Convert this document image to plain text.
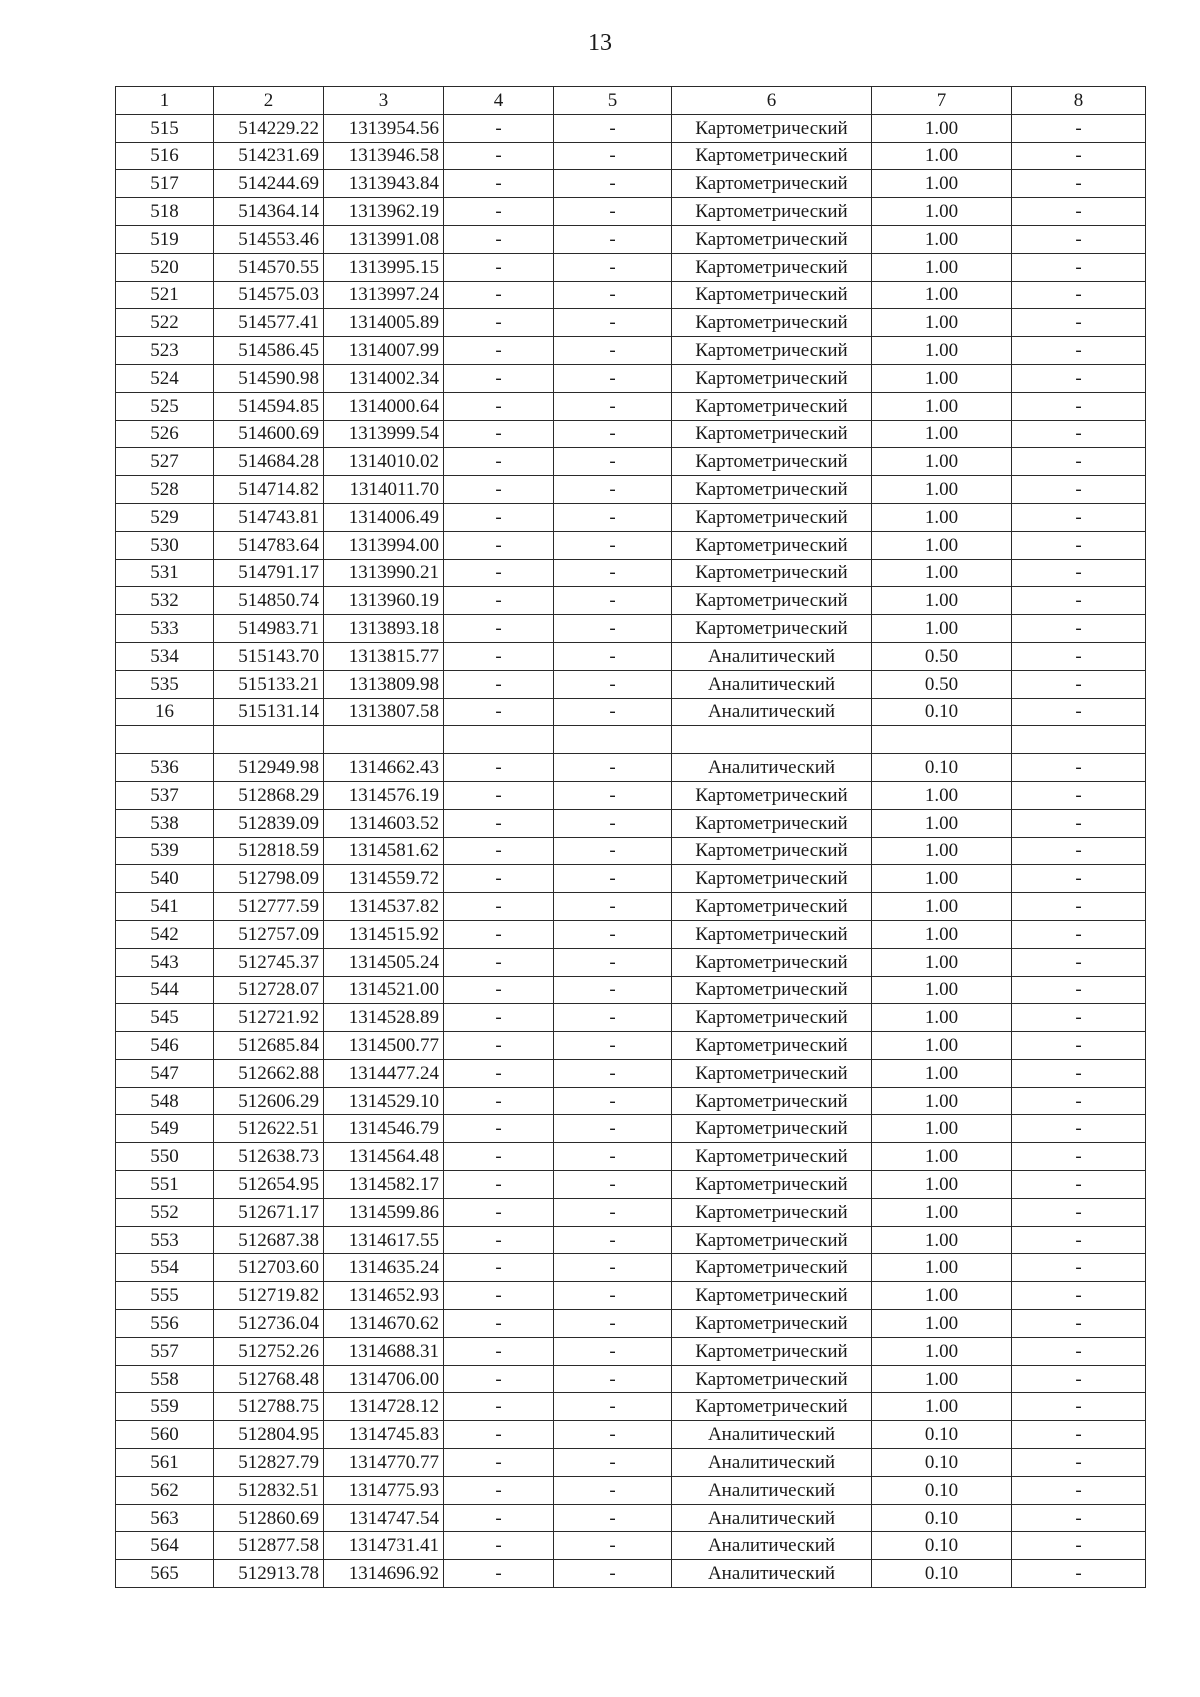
13
1	2	3	4	5	6	7	8
515	514229.22	1313954.56	-	-	Картометрический	1.00	-
516	514231.69	1313946.58	-	-	Картометрический	1.00	-
517	514244.69	1313943.84	-	-	Картометрический	1.00	-
518	514364.14	1313962.19	-	-	Картометрический	1.00	-
519	514553.46	1313991.08	-	-	Картометрический	1.00	-
520	514570.55	1313995.15	-	-	Картометрический	1.00	-
521	514575.03	1313997.24	-	-	Картометрический	1.00	-
522	514577.41	1314005.89	-	-	Картометрический	1.00	-
523	514586.45	1314007.99	-	-	Картометрический	1.00	-
524	514590.98	1314002.34	-	-	Картометрический	1.00	-
525	514594.85	1314000.64	-	-	Картометрический	1.00	-
526	514600.69	1313999.54	-	-	Картометрический	1.00	-
527	514684.28	1314010.02	-	-	Картометрический	1.00	-
528	514714.82	1314011.70	-	-	Картометрический	1.00	-
529	514743.81	1314006.49	-	-	Картометрический	1.00	-
530	514783.64	1313994.00	-	-	Картометрический	1.00	-
531	514791.17	1313990.21	-	-	Картометрический	1.00	-
532	514850.74	1313960.19	-	-	Картометрический	1.00	-
533	514983.71	1313893.18	-	-	Картометрический	1.00	-
534	515143.70	1313815.77	-	-	Аналитический	0.50	-
535	515133.21	1313809.98	-	-	Аналитический	0.50	-
16	515131.14	1313807.58	-	-	Аналитический	0.10	-

536	512949.98	1314662.43	-	-	Аналитический	0.10	-
537	512868.29	1314576.19	-	-	Картометрический	1.00	-
538	512839.09	1314603.52	-	-	Картометрический	1.00	-
539	512818.59	1314581.62	-	-	Картометрический	1.00	-
540	512798.09	1314559.72	-	-	Картометрический	1.00	-
541	512777.59	1314537.82	-	-	Картометрический	1.00	-
542	512757.09	1314515.92	-	-	Картометрический	1.00	-
543	512745.37	1314505.24	-	-	Картометрический	1.00	-
544	512728.07	1314521.00	-	-	Картометрический	1.00	-
545	512721.92	1314528.89	-	-	Картометрический	1.00	-
546	512685.84	1314500.77	-	-	Картометрический	1.00	-
547	512662.88	1314477.24	-	-	Картометрический	1.00	-
548	512606.29	1314529.10	-	-	Картометрический	1.00	-
549	512622.51	1314546.79	-	-	Картометрический	1.00	-
550	512638.73	1314564.48	-	-	Картометрический	1.00	-
551	512654.95	1314582.17	-	-	Картометрический	1.00	-
552	512671.17	1314599.86	-	-	Картометрический	1.00	-
553	512687.38	1314617.55	-	-	Картометрический	1.00	-
554	512703.60	1314635.24	-	-	Картометрический	1.00	-
555	512719.82	1314652.93	-	-	Картометрический	1.00	-
556	512736.04	1314670.62	-	-	Картометрический	1.00	-
557	512752.26	1314688.31	-	-	Картометрический	1.00	-
558	512768.48	1314706.00	-	-	Картометрический	1.00	-
559	512788.75	1314728.12	-	-	Картометрический	1.00	-
560	512804.95	1314745.83	-	-	Аналитический	0.10	-
561	512827.79	1314770.77	-	-	Аналитический	0.10	-
562	512832.51	1314775.93	-	-	Аналитический	0.10	-
563	512860.69	1314747.54	-	-	Аналитический	0.10	-
564	512877.58	1314731.41	-	-	Аналитический	0.10	-
565	512913.78	1314696.92	-	-	Аналитический	0.10	-
